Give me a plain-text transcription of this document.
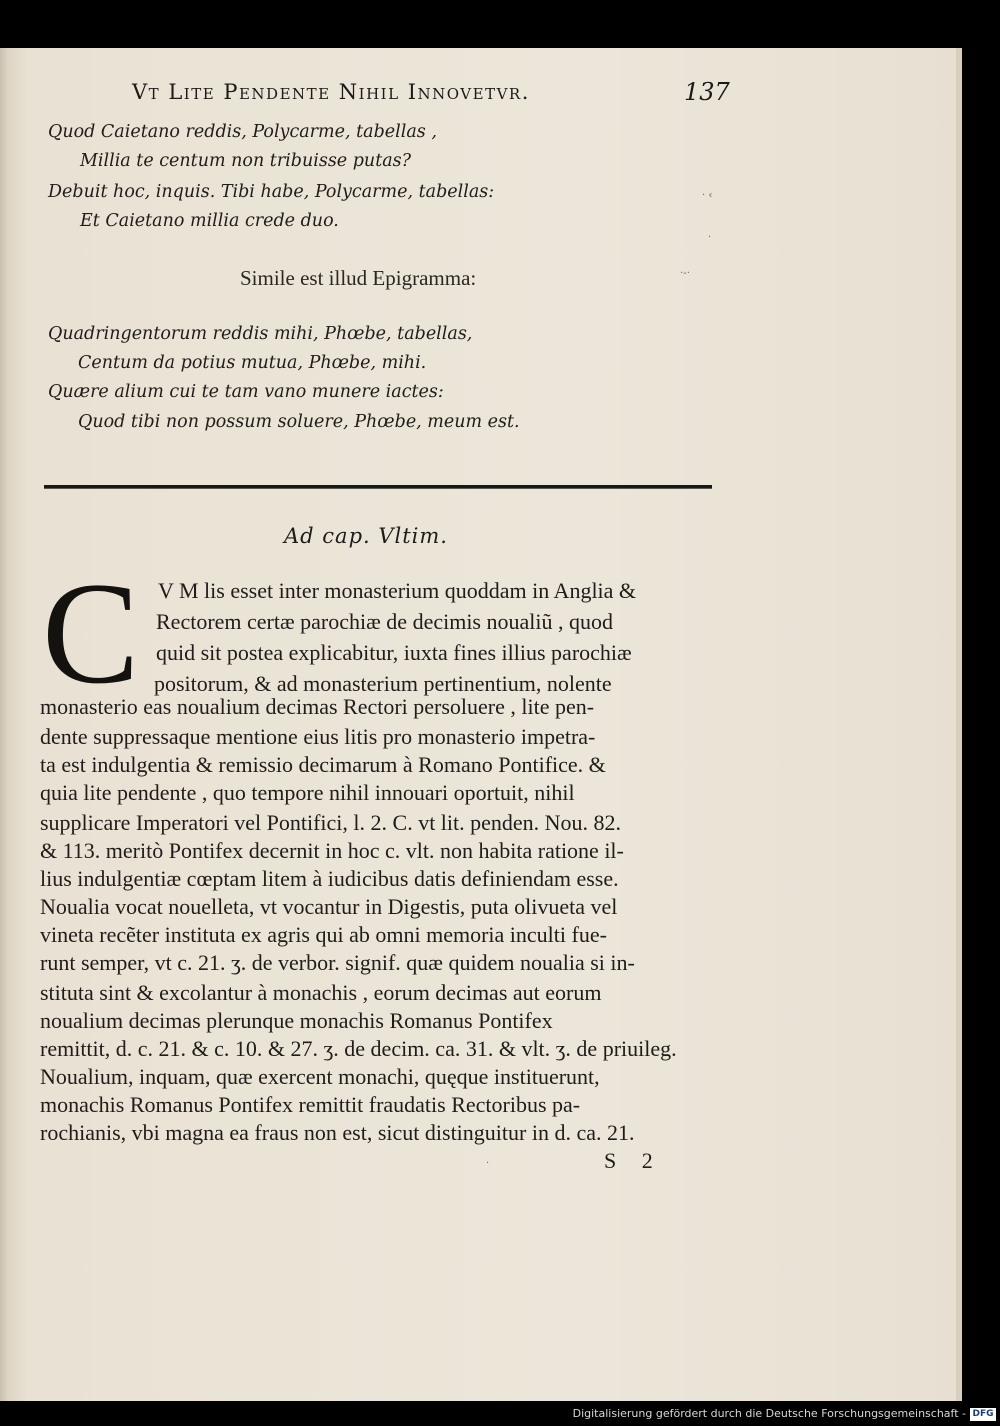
Vt Lite Pendente Nihil Innovetvr.	137
Quod Caietano reddis, Polycarme, tabellas ,
Millia te centum non tribuisse putas?
Debuit hoc, inquis. Tibi habe, Polycarme, tabellas:
Et Caietano millia crede duo.
Simile est illud Epigramma:
Quadringentorum reddis mihi, Phœbe, tabellas,
Centum da potius mutua, Phœbe, mihi.
Quære alium cui te tam vano munere iactes:
Quod tibi non possum soluere, Phœbe, meum est.
Ad cap. Vltim.
C V M lis esset inter monasterium quoddam in Anglia &
Rectorem certæ parochiæ de decimis noualiũ , quod
quid sit postea explicabitur, iuxta fines illius parochiæ
positorum, & ad monasterium pertinentium, nolente
monasterio eas noualium decimas Rectori persoluere , lite pen-
dente suppressaque mentione eius litis pro monasterio impetra-
ta est indulgentia & remissio decimarum à Romano Pontifice. &
quia lite pendente , quo tempore nihil innouari oportuit, nihil
supplicare Imperatori vel Pontifici, l. 2. C. vt lit. penden. Nou. 82.
& 113. meritò Pontifex decernit in hoc c. vlt. non habita ratione il-
lius indulgentiæ cœptam litem à iudicibus datis definiendam esse.
Noualia vocat nouelleta, vt vocantur in Digestis, puta olivueta vel
vineta recẽter instituta ex agris qui ab omni memoria inculti fue-
runt semper, vt c. 21. ʒ. de verbor. signif. quæ quidem noualia si in-
stituta sint & excolantur à monachis , eorum decimas aut eorum
noualium decimas plerunque monachis Romanus Pontifex
remittit, d. c. 21. & c. 10. & 27. ʒ. de decim. ca. 31. & vlt. ʒ. de priuileg.
Noualium, inquam, quæ exercent monachi, quęque instituerunt,
monachis Romanus Pontifex remittit fraudatis Rectoribus pa-
rochianis, vbi magna ea fraus non est, sicut distinguitur in d. ca. 21.
S 2
· ‹
·
·-·
·
Digitalisierung gefördert durch die Deutsche Forschungsgemeinschaft - DFG
